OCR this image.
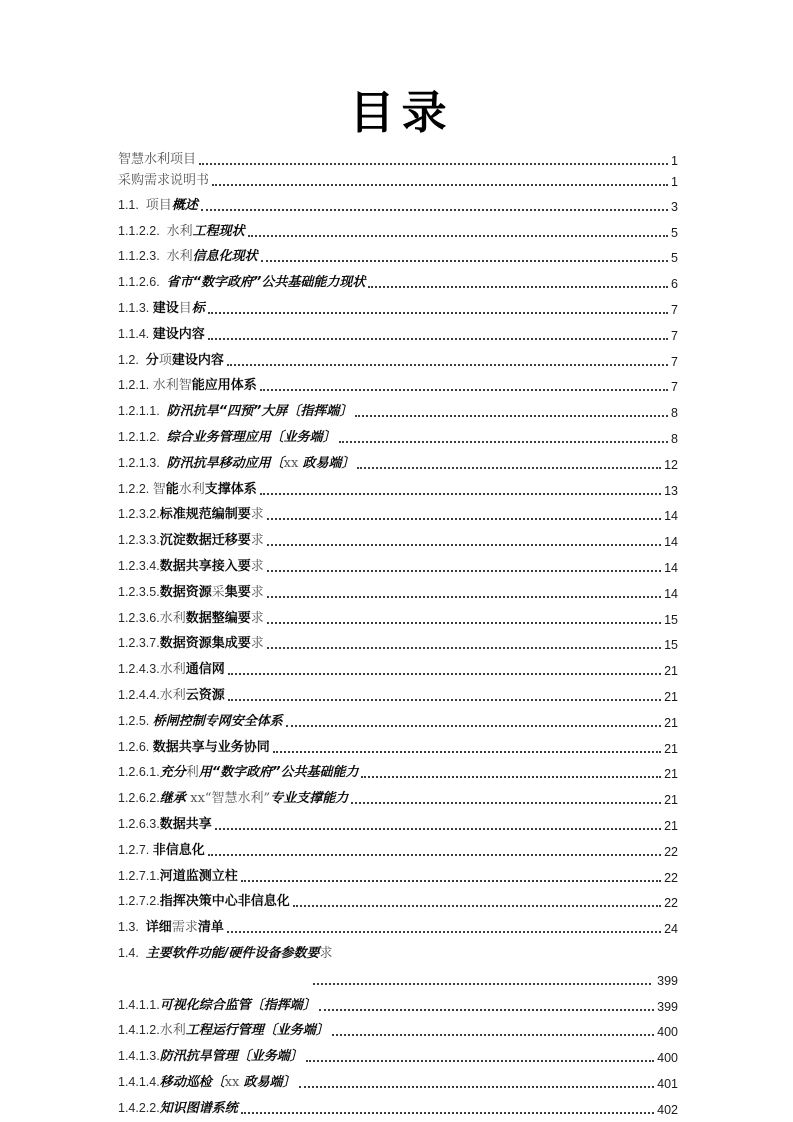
目录
智慧水利项目	1
采购需求说明书	1
1.1.  项目概述	3
1.1.2.2.  水利工程现状	5
1.1.2.3.  水利信息化现状	5
1.1.2.6.  省市“数字政府”公共基础能力现状	6
1.1.3. 建设目标	7
1.1.4. 建设内容	7
1.2.  分项建设内容	7
1.2.1. 水利智能应用体系	7
1.2.1.1.  防汛抗旱“四预”大屏〔指挥端〕	8
1.2.1.2.  综合业务管理应用〔业务端〕	8
1.2.1.3.  防汛抗旱移动应用〔xx 政易端〕	12
1.2.2. 智能水利支撑体系	13
1.2.3.2.标准规范编制要求	14
1.2.3.3.沉淀数据迁移要求	14
1.2.3.4.数据共享接入要求	14
1.2.3.5.数据资源采集要求	14
1.2.3.6.水利数据整编要求	15
1.2.3.7.数据资源集成要求	15
1.2.4.3.水利通信网	21
1.2.4.4.水利云资源	21
1.2.5. 桥闸控制专网安全体系	21
1.2.6. 数据共享与业务协同	21
1.2.6.1.充分利用“数字政府”公共基础能力	21
1.2.6.2.继承 xx“智慧水利”专业支撑能力	21
1.2.6.3.数据共享	21
1.2.7. 非信息化	22
1.2.7.1.河道监测立柱	22
1.2.7.2.指挥决策中心非信息化	22
1.3.  详细需求清单	24
1.4.  主要软件功能/硬件设备参数要求
399
1.4.1.1.可视化综合监管〔指挥端〕	399
1.4.1.2.水利工程运行管理〔业务端〕	400
1.4.1.3.防汛抗旱管理〔业务端〕	400
1.4.1.4.移动巡检〔xx 政易端〕	401
1.4.2.2.知识图谱系统	402
